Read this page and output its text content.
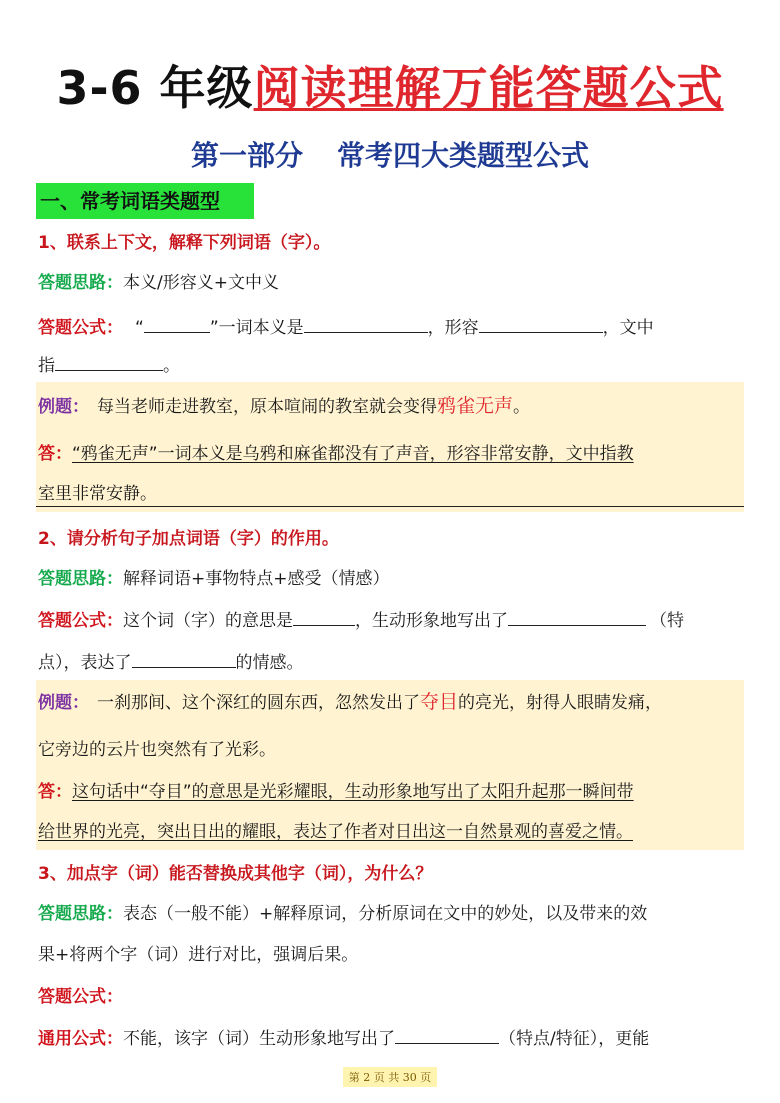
3-6 年级阅读理解万能答题公式
第一部分 常考四大类题型公式
一、常考词语类题型
1、联系上下文，解释下列词语（字）。
答题思路：本义/形容义+文中义
答题公式： “	”一词本义是	，形容	，文中
指	。
例题： 每当老师走进教室，原本喧闹的教室就会变得鸦雀无声。
答：“鸦雀无声”一词本义是乌鸦和麻雀都没有了声音，形容非常安静，文中指教
室里非常安静。
2、请分析句子加点词语（字）的作用。
答题思路：解释词语+事物特点+感受（情感）
答题公式：这个词（字）的意思是	，生动形象地写出了	（特
点），表达了	的情感。
例题： 一刹那间、这个深红的圆东西，忽然发出了夺目的亮光，射得人眼睛发痛，
它旁边的云片也突然有了光彩。
答：这句话中“夺目”的意思是光彩耀眼，生动形象地写出了太阳升起那一瞬间带
给世界的光亮，突出日出的耀眼，表达了作者对日出这一自然景观的喜爱之情。
3、加点字（词）能否替换成其他字（词），为什么？
答题思路：表态（一般不能）+解释原词，分析原词在文中的妙处，以及带来的效
果+将两个字（词）进行对比，强调后果。
答题公式：
通用公式：不能，该字（词）生动形象地写出了	（特点/特征），更能
第 2 页 共 30 页
